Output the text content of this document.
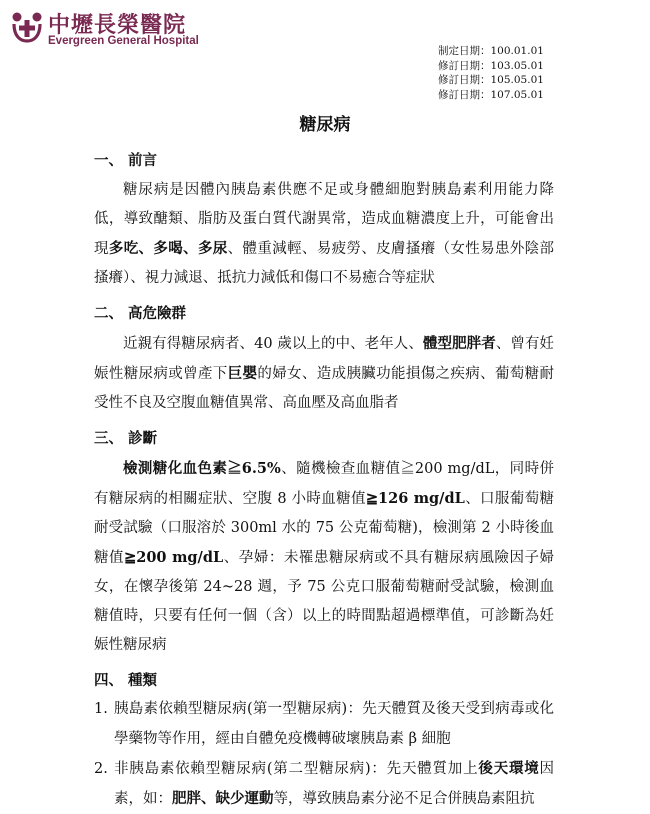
中壢長榮醫院
Evergreen General Hospital
制定日期：100.01.01
修訂日期：103.05.01
修訂日期：105.05.01
修訂日期：107.05.01
糖尿病
一、 前言

糖尿病是因體內胰島素供應不足或身體細胞對胰島素利用能力降低，導致醣類、脂肪及蛋白質代謝異常，造成血糖濃度上升，可能會出現多吃、多喝、多尿、體重減輕、易疲勞、皮膚搔癢（女性易患外陰部搔癢）、視力減退、抵抗力減低和傷口不易癒合等症狀

二、 高危險群

近親有得糖尿病者、40 歲以上的中、老年人、體型肥胖者、曾有妊娠性糖尿病或曾產下巨嬰的婦女、造成胰臟功能損傷之疾病、葡萄糖耐受性不良及空腹血糖值異常、高血壓及高血脂者

三、 診斷

檢測糖化血色素≧6.5%、隨機檢查血糖值≧200 mg/dL，同時併有糖尿病的相關症狀、空腹 8 小時血糖值≧126 mg/dL、口服葡萄糖耐受試驗（口服溶於 300ml 水的 75 公克葡萄糖)，檢測第 2 小時後血糖值≧200 mg/dL、孕婦：未罹患糖尿病或不具有糖尿病風險因子婦女，在懷孕後第 24~28 週，予 75 公克口服葡萄糖耐受試驗，檢測血糖值時，只要有任何一個（含）以上的時間點超過標準值，可診斷為妊娠性糖尿病

四、 種類
1. 胰島素依賴型糖尿病(第一型糖尿病)：先天體質及後天受到病毒或化學藥物等作用，經由自體免疫機轉破壞胰島素 β 細胞
2. 非胰島素依賴型糖尿病(第二型糖尿病)：先天體質加上後天環境因素，如：肥胖、缺少運動等，導致胰島素分泌不足合併胰島素阻抗
